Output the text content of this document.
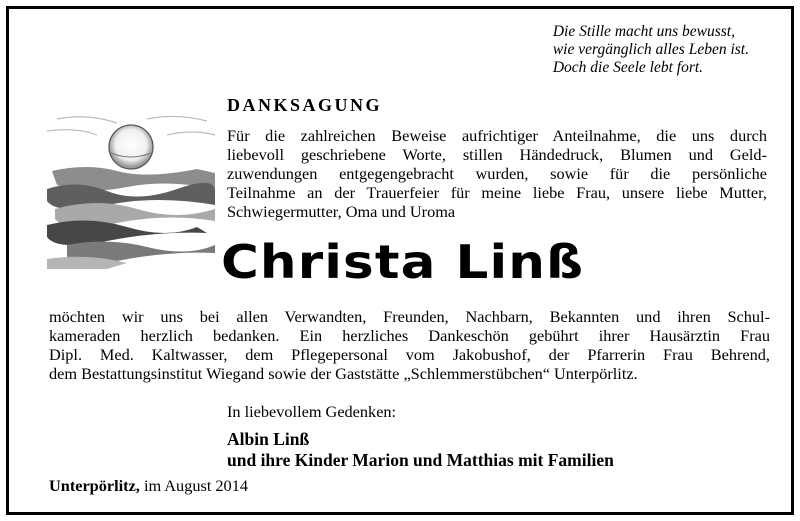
Die Stille macht uns bewusst,
wie vergänglich alles Leben ist.
Doch die Seele lebt fort.
DANKSAGUNG
Für die zahlreichen Beweise aufrichtiger Anteilnahme, die uns durch
liebevoll geschriebene Worte, stillen Händedruck, Blumen und Geld-
zuwendungen entgegengebracht wurden, sowie für die persönliche
Teilnahme an der Trauerfeier für meine liebe Frau, unsere liebe Mutter,
Schwiegermutter, Oma und Uroma
Christa Linß
möchten wir uns bei allen Verwandten, Freunden, Nachbarn, Bekannten und ihren Schul-
kameraden herzlich bedanken. Ein herzliches Dankeschön gebührt ihrer Hausärztin Frau
Dipl. Med. Kaltwasser, dem Pflegepersonal vom Jakobushof, der Pfarrerin Frau Behrend,
dem Bestattungsinstitut Wiegand sowie der Gaststätte „Schlemmerstübchen“ Unterpörlitz.
In liebevollem Gedenken:
Albin Linß
und ihre Kinder Marion und Matthias mit Familien
Unterpörlitz, im August 2014
